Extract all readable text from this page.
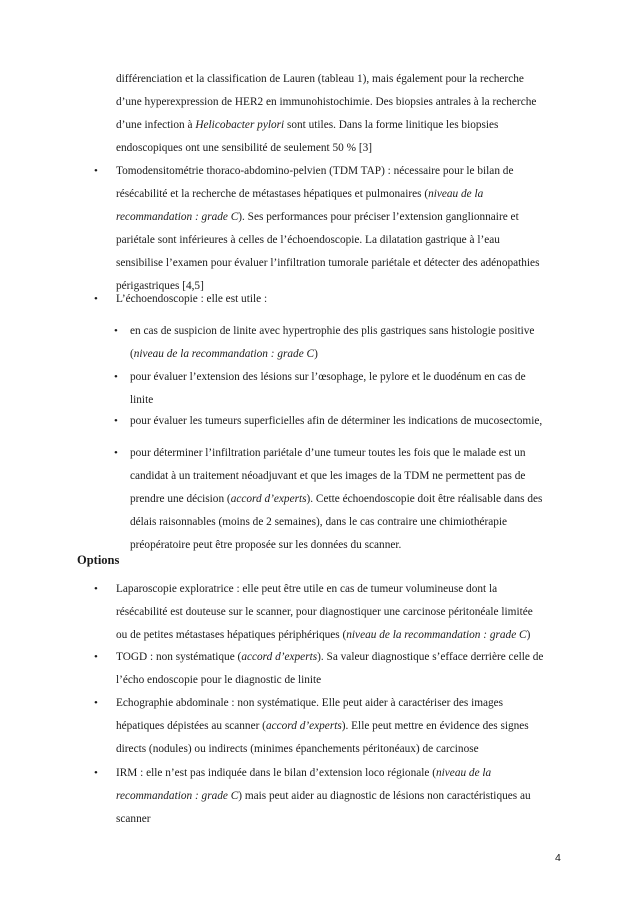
différenciation et la classification de Lauren (tableau 1), mais également pour la recherche
d’une hyperexpression de HER2 en immunohistochimie. Des biopsies antrales à la recherche
d’une infection à Helicobacter pylori sont utiles. Dans la forme linitique les biopsies
endoscopiques ont une sensibilité de seulement 50 % [3]
• Tomodensitométrie thoraco-abdomino-pelvien (TDM TAP) : nécessaire pour le bilan de
résécabilité et la recherche de métastases hépatiques et pulmonaires (niveau de la
recommandation : grade C). Ses performances pour préciser l’extension ganglionnaire et
pariétale sont inférieures à celles de l’échoendoscopie. La dilatation gastrique à l’eau
sensibilise l’examen pour évaluer l’infiltration tumorale pariétale et détecter des adénopathies
périgastriques [4,5]
• L’échoendoscopie : elle est utile :
• en cas de suspicion de linite avec hypertrophie des plis gastriques sans histologie positive
(niveau de la recommandation : grade C)
• pour évaluer l’extension des lésions sur l’œsophage, le pylore et le duodénum en cas de
linite
• pour évaluer les tumeurs superficielles afin de déterminer les indications de mucosectomie,
• pour déterminer l’infiltration pariétale d’une tumeur toutes les fois que le malade est un
candidat à un traitement néoadjuvant et que les images de la TDM ne permettent pas de
prendre une décision (accord d’experts). Cette échoendoscopie doit être réalisable dans des
délais raisonnables (moins de 2 semaines), dans le cas contraire une chimiothérapie
préopératoire peut être proposée sur les données du scanner.
Options
• Laparoscopie exploratrice : elle peut être utile en cas de tumeur volumineuse dont la
résécabilité est douteuse sur le scanner, pour diagnostiquer une carcinose péritonéale limitée
ou de petites métastases hépatiques périphériques (niveau de la recommandation : grade C)
• TOGD : non systématique (accord d’experts). Sa valeur diagnostique s’efface derrière celle de
l’écho endoscopie pour le diagnostic de linite
• Echographie abdominale : non systématique. Elle peut aider à caractériser des images
hépatiques dépistées au scanner (accord d’experts). Elle peut mettre en évidence des signes
directs (nodules) ou indirects (minimes épanchements péritonéaux) de carcinose
• IRM : elle n’est pas indiquée dans le bilan d’extension loco régionale (niveau de la
recommandation : grade C) mais peut aider au diagnostic de lésions non caractéristiques au
scanner
4
